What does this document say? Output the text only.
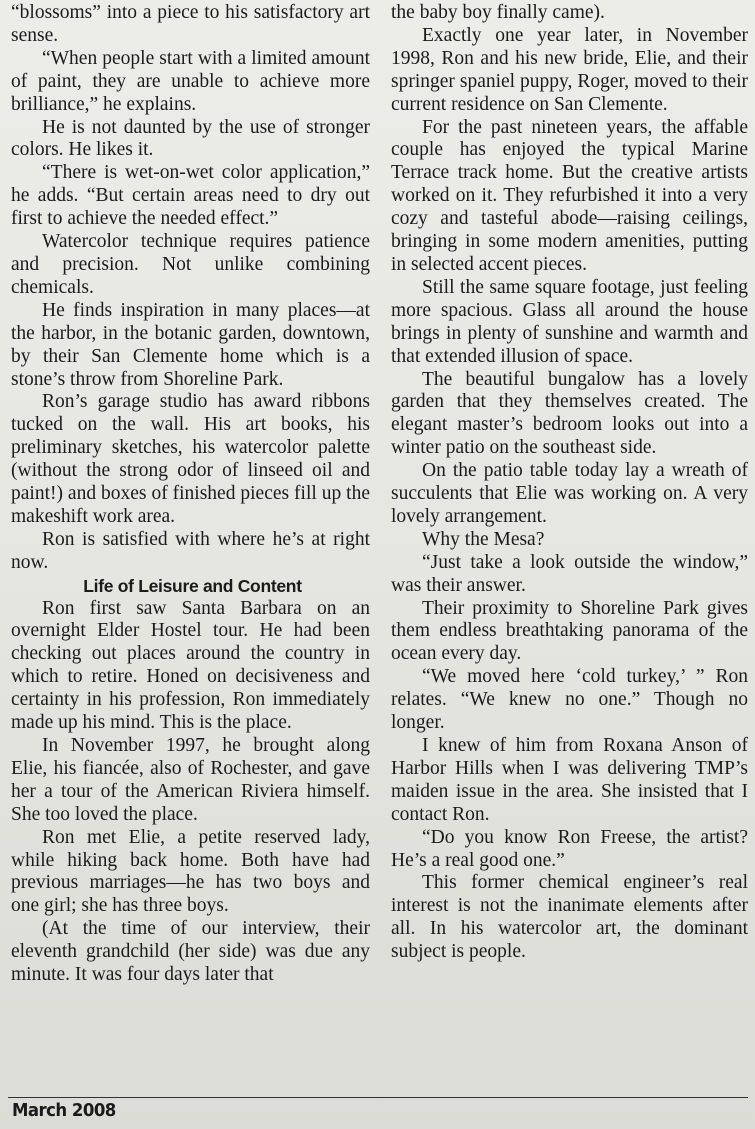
“blossoms” into a piece to his satisfactory art sense.

“When people start with a limited amount of paint, they are unable to achieve more brilliance,” he explains.

He is not daunted by the use of stronger colors. He likes it.

“There is wet-on-wet color application,” he adds. “But certain areas need to dry out first to achieve the needed effect.”

Watercolor technique requires patience and precision. Not unlike combining chemicals.

He finds inspiration in many places—at the harbor, in the botanic garden, downtown, by their San Clemente home which is a stone’s throw from Shoreline Park.

Ron’s garage studio has award ribbons tucked on the wall. His art books, his preliminary sketches, his watercolor palette (without the strong odor of linseed oil and paint!) and boxes of finished pieces fill up the makeshift work area.

Ron is satisfied with where he’s at right now.

Life of Leisure and Content

Ron first saw Santa Barbara on an overnight Elder Hostel tour. He had been checking out places around the country in which to retire. Honed on decisiveness and certainty in his profession, Ron immediately made up his mind. This is the place.

In November 1997, he brought along Elie, his fiancée, also of Rochester, and gave her a tour of the American Riviera himself. She too loved the place.

Ron met Elie, a petite reserved lady, while hiking back home. Both have had previous marriages—he has two boys and one girl; she has three boys.

(At the time of our interview, their eleventh grandchild (her side) was due any minute. It was four days later that

the baby boy finally came).

Exactly one year later, in November 1998, Ron and his new bride, Elie, and their springer spaniel puppy, Roger, moved to their current residence on San Clemente.

For the past nineteen years, the affable couple has enjoyed the typical Marine Terrace track home. But the creative artists worked on it. They refurbished it into a very cozy and tasteful abode—raising ceilings, bringing in some modern amenities, putting in selected accent pieces.

Still the same square footage, just feeling more spacious. Glass all around the house brings in plenty of sunshine and warmth and that extended illusion of space.

The beautiful bungalow has a lovely garden that they themselves created. The elegant master’s bedroom looks out into a winter patio on the southeast side.

On the patio table today lay a wreath of succulents that Elie was working on. A very lovely arrangement.

Why the Mesa?

“Just take a look outside the window,” was their answer.

Their proximity to Shoreline Park gives them endless breathtaking panorama of the ocean every day.

“We moved here ‘cold turkey,’ ” Ron relates. “We knew no one.” Though no longer.

I knew of him from Roxana Anson of Harbor Hills when I was delivering TMP’s maiden issue in the area. She insisted that I contact Ron.

“Do you know Ron Freese, the artist? He’s a real good one.”

This former chemical engineer’s real interest is not the inanimate elements after all. In his watercolor art, the dominant subject is people.

March 2008
